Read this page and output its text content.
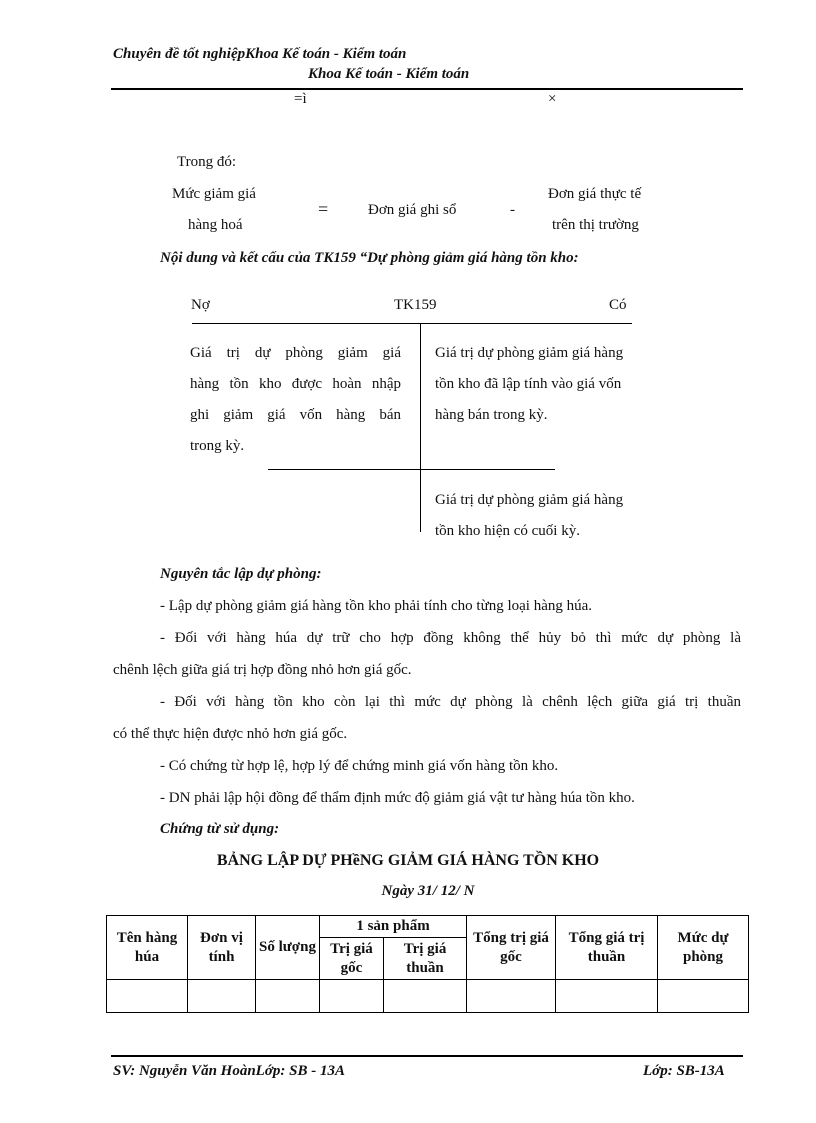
Chuyên đề tốt nghiệpKhoa Kế toán - Kiểm toán
Khoa Kế toán - Kiểm toán
=ì	×
Trong đó:
Mức giảm giá
hàng hoá
=	Đơn giá ghi sổ	-
Đơn giá thực tế
trên thị trường
Nội dung và kết cấu của TK159 “Dự phòng giảm giá hàng tồn kho:
Nợ	TK159	Có
Giá trị dự phòng giảm giá
hàng tồn kho được hoàn nhập
ghi giảm giá vốn hàng bán
trong kỳ.
Giá trị dự phòng giảm giá hàng
tồn kho đã lập tính vào giá vốn
hàng bán trong kỳ.
Giá trị dự phòng giảm giá hàng
tồn kho hiện có cuối kỳ.
Nguyên tắc lập dự phòng:
- Lập dự phòng giảm giá hàng tồn kho phải tính cho từng loại hàng húa.
- Đối với hàng húa dự trữ cho hợp đồng không thể hủy bỏ thì mức dự phòng là
chênh lệch giữa giá trị hợp đồng nhỏ hơn giá gốc.
- Đối với hàng tồn kho còn lại thì mức dự phòng là chênh lệch giữa giá trị thuần
có thể thực hiện được nhỏ hơn giá gốc.
- Có chứng từ hợp lệ, hợp lý để chứng minh giá vốn hàng tồn kho.
- DN phải lập hội đồng để thẩm định mức độ giảm giá vật tư hàng húa tồn kho.
Chứng từ sử dụng:
BẢNG LẬP DỰ PHềNG GIẢM GIÁ HÀNG TỒN KHO
Ngày 31/ 12/ N
Tên hàng húa	Đơn vị tính	Số lượng	1 sản phẩm		Tổng trị giá gốc	Tổng giá trị thuần	Mức dự phòng
			Trị giá gốc	Trị giá thuần			

SV: Nguyễn Văn HoànLớp: SB - 13A	Lớp: SB-13A
